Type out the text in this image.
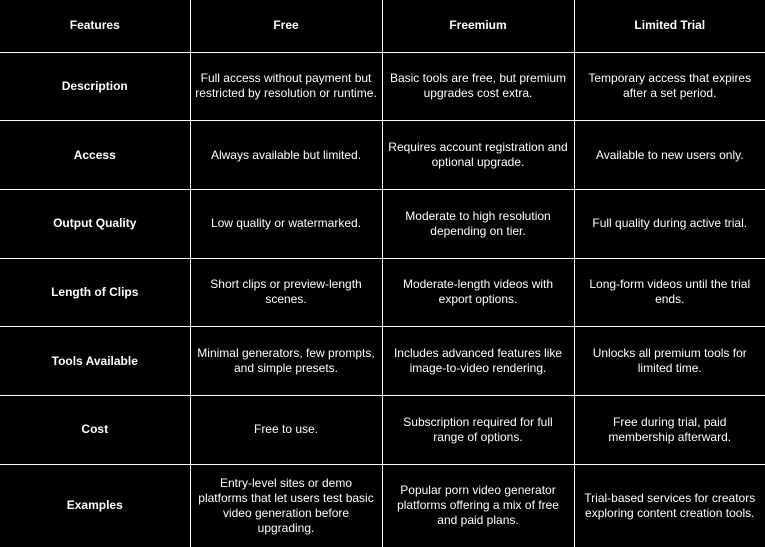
Features	Free	Freemium	Limited Trial
Description	Full access without payment but restricted by resolution or runtime.	Basic tools are free, but premium upgrades cost extra.	Temporary access that expires after a set period.
Access	Always available but limited.	Requires account registration and optional upgrade.	Available to new users only.
Output Quality	Low quality or watermarked.	Moderate to high resolution depending on tier.	Full quality during active trial.
Length of Clips	Short clips or preview-length scenes.	Moderate-length videos with export options.	Long-form videos until the trial ends.
Tools Available	Minimal generators, few prompts, and simple presets.	Includes advanced features like image-to-video rendering.	Unlocks all premium tools for limited time.
Cost	Free to use.	Subscription required for full range of options.	Free during trial, paid membership afterward.
Examples	Entry-level sites or demo platforms that let users test basic video generation before upgrading.	Popular porn video generator platforms offering a mix of free and paid plans.	Trial-based services for creators exploring content creation tools.
